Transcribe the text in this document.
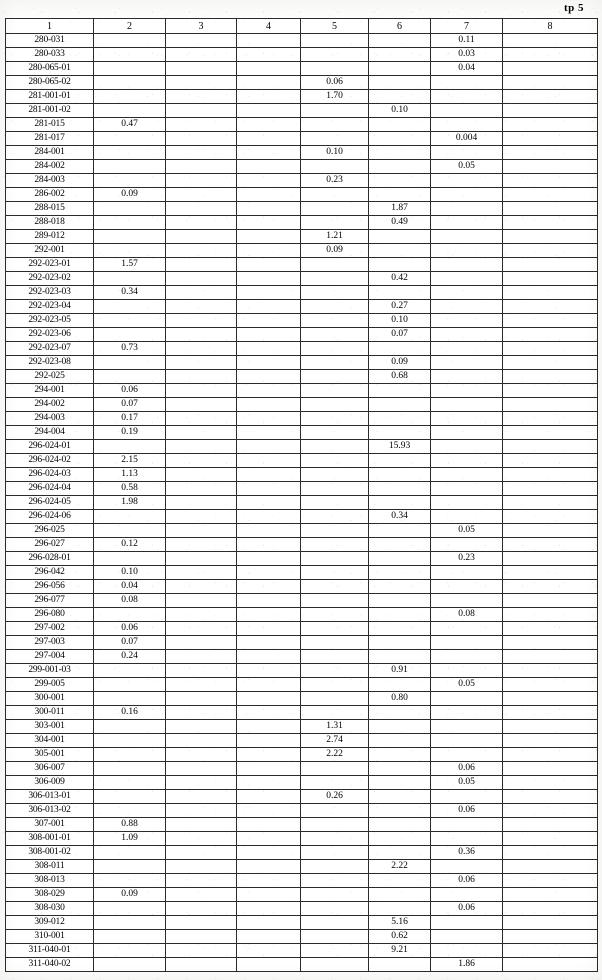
tp 5
1	2	3	4	5	6	7	8
280-031						0.11	
280-033						0.03	
280-065-01						0.04	
280-065-02				0.06			
281-001-01				1.70			
281-001-02					0.10		
281-015	0.47						
281-017						0.004	
284-001				0.10			
284-002						0.05	
284-003				0.23			
286-002	0.09						
288-015					1.87		
288-018					0.49		
289-012				1.21			
292-001				0.09			
292-023-01	1.57						
292-023-02					0.42		
292-023-03	0.34						
292-023-04					0.27		
292-023-05					0.10		
292-023-06					0.07		
292-023-07	0.73						
292-023-08					0.09		
292-025					0.68		
294-001	0.06						
294-002	0.07						
294-003	0.17						
294-004	0.19						
296-024-01					15.93		
296-024-02	2.15						
296-024-03	1.13						
296-024-04	0.58						
296-024-05	1.98						
296-024-06					0.34		
296-025						0.05	
296-027	0.12						
296-028-01						0.23	
296-042	0.10						
296-056	0.04						
296-077	0.08						
296-080						0.08	
297-002	0.06						
297-003	0.07						
297-004	0.24						
299-001-03					0.91		
299-005						0.05	
300-001					0.80		
300-011	0.16						
303-001				1.31			
304-001				2.74			
305-001				2.22			
306-007						0.06	
306-009						0.05	
306-013-01				0.26			
306-013-02						0.06	
307-001	0.88						
308-001-01	1.09						
308-001-02						0.36	
308-011					2.22		
308-013						0.06	
308-029	0.09						
308-030						0.06	
309-012					5.16		
310-001					0.62		
311-040-01					9.21		
311-040-02						1.86	
